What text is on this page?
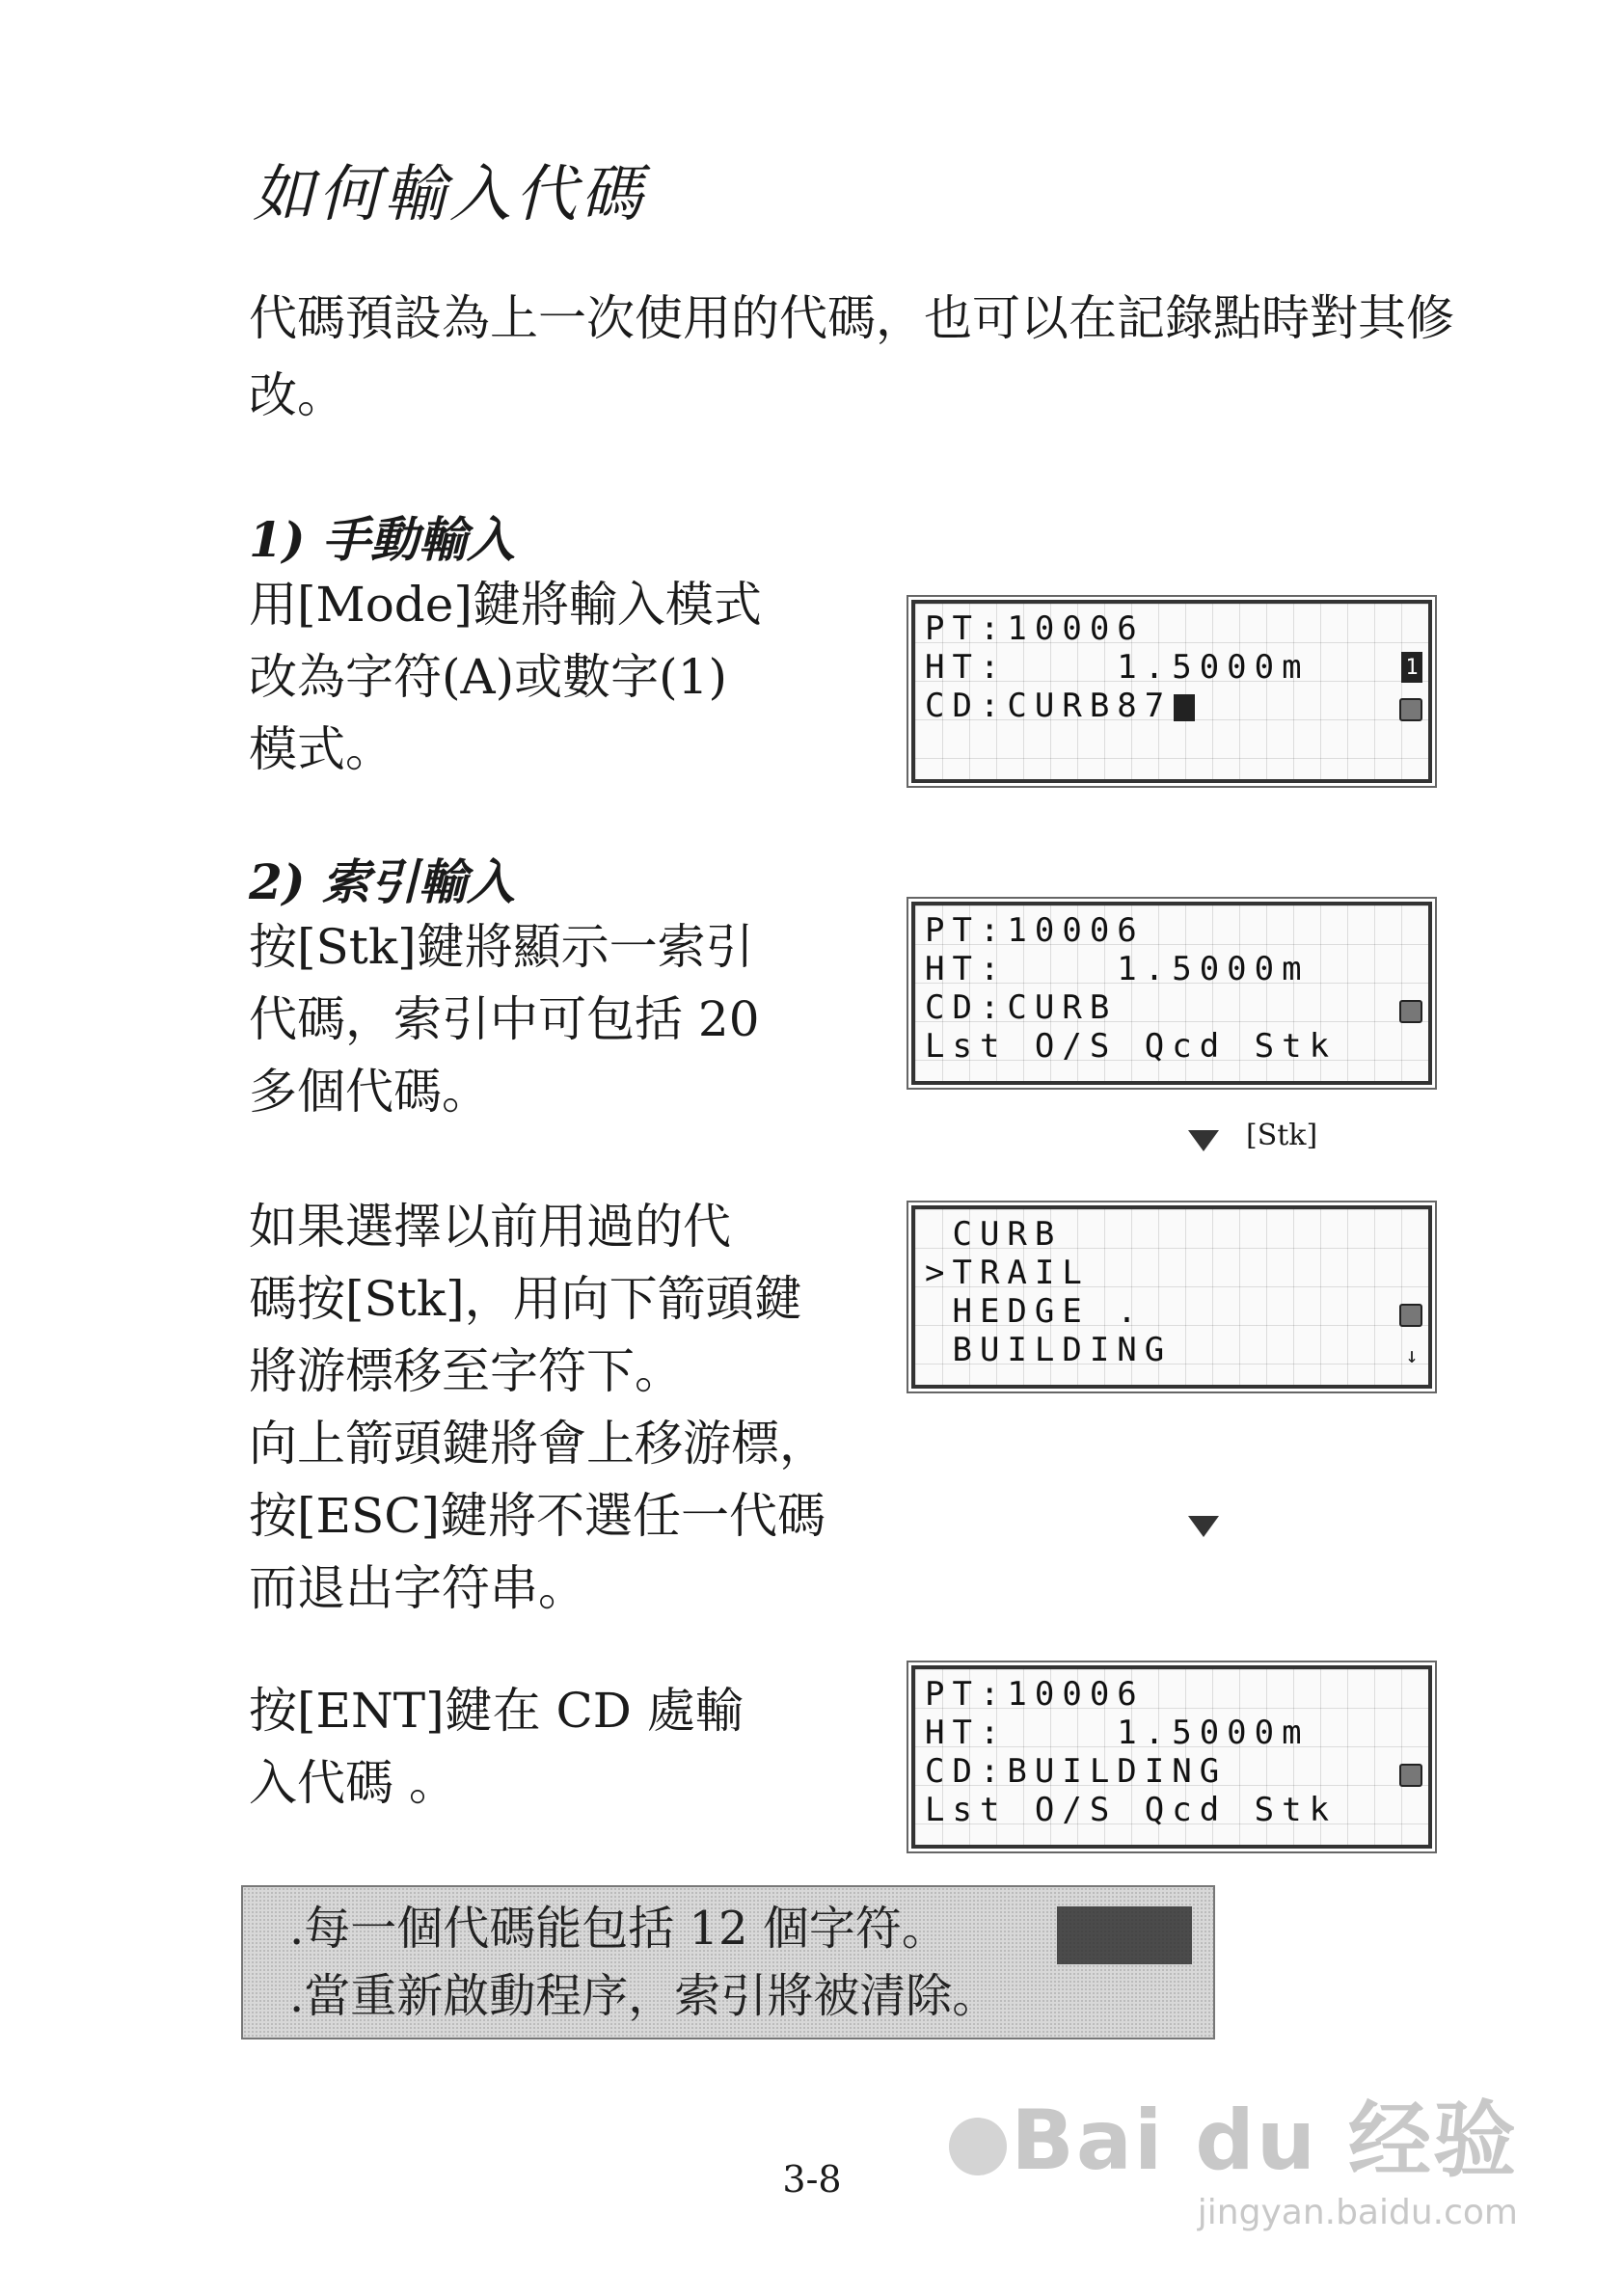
如何輸入代碼

代碼預設為上一次使用的代碼，也可以在記錄點時對其修改。

1) 手動輸入
用[Mode]鍵將輸入模式
改為字符(A)或數字(1)
模式。
PT:10006
HT:    1.5000m
CD:CURB87
1
2) 索引輸入
按[Stk]鍵將顯示一索引
代碼，索引中可包括 20
多個代碼。
PT:10006
HT:    1.5000m
CD:CURB
Lst O/S Qcd Stk
[Stk]
如果選擇以前用過的代
碼按[Stk]，用向下箭頭鍵
將游標移至字符下。
向上箭頭鍵將會上移游標，
按[ESC]鍵將不選任一代碼
而退出字符串。
CURB
>TRAIL
HEDGE .
BUILDING	↓
按[ENT]鍵在 CD 處輸
入代碼 。
PT:10006
HT:    1.5000m
CD:BUILDING
Lst O/S Qcd Stk
.每一個代碼能包括 12 個字符。
.當重新啟動程序，索引將被清除。
3-8	Bai du 经验
jingyan.baidu.com
